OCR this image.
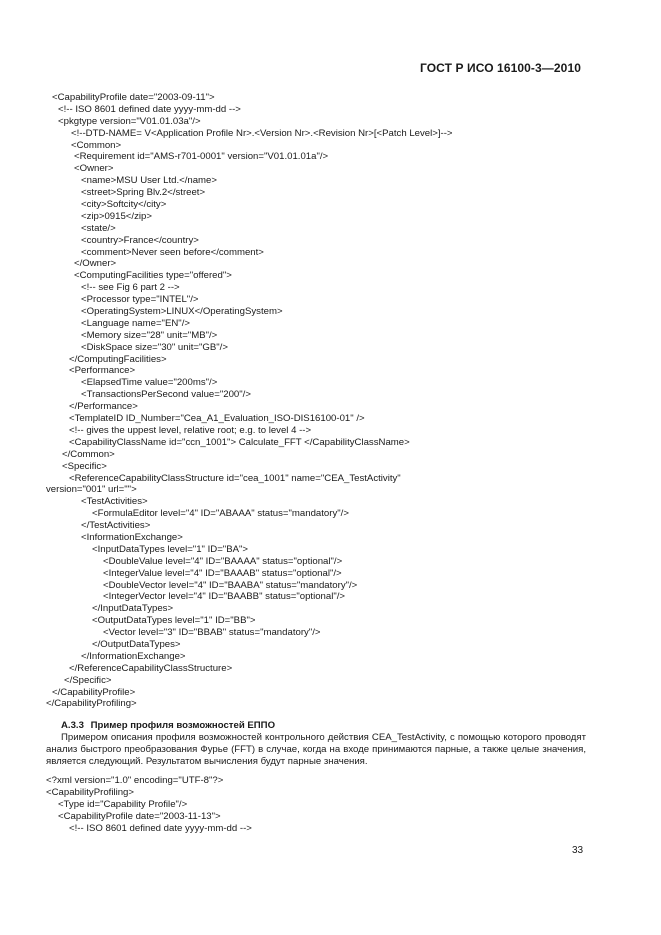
ГОСТ Р ИСО 16100-3—2010
<CapabilityProfile date="2003-09-11">
<!-- ISO 8601 defined date yyyy-mm-dd -->
<pkgtype version="V01.01.03a"/>
<!--DTD-NAME= V<Application Profile Nr>.<Version Nr>.<Revision Nr>[<Patch Level>]-->
<Common>
<Requirement id="AMS-r701-0001" version="V01.01.01a"/>
<Owner>
<name>MSU User Ltd.</name>
<street>Spring Blv.2</street>
<city>Softcity</city>
<zip>0915</zip>
<state/>
<country>France</country>
<comment>Never seen before</comment>
</Owner>
<ComputingFacilities type="offered">
<!-- see Fig 6 part 2 -->
<Processor type="INTEL"/>
<OperatingSystem>LINUX</OperatingSystem>
<Language name="EN"/>
<Memory size="28" unit="MB"/>
<DiskSpace size="30" unit="GB"/>
</ComputingFacilities>
<Performance>
<ElapsedTime value="200ms"/>
<TransactionsPerSecond value="200"/>
</Performance>
<TemplateID ID_Number="Cea_A1_Evaluation_ISO-DIS16100-01" />
<!-- gives the uppest level, relative root; e.g. to level 4 -->
<CapabilityClassName id="ccn_1001"> Calculate_FFT </CapabilityClassName>
</Common>
<Specific>
<ReferenceCapabilityClassStructure id="cea_1001" name="CEA_TestActivity"
version="001" url="">
<TestActivities>
<FormulaEditor level="4" ID="ABAAA" status="mandatory"/>
</TestActivities>
<InformationExchange>
<InputDataTypes level="1" ID="BA">
<DoubleValue level="4" ID="BAAAA" status="optional"/>
<IntegerValue level="4" ID="BAAAB" status="optional"/>
<DoubleVector level="4" ID="BAABA" status="mandatory"/>
<IntegerVector level="4" ID="BAABB" status="optional"/>
</InputDataTypes>
<OutputDataTypes level="1" ID="BB">
<Vector level="3" ID="BBAB" status="mandatory"/>
</OutputDataTypes>
</InformationExchange>
</ReferenceCapabilityClassStructure>
</Specific>
</CapabilityProfile>
</CapabilityProfiling>
А.3.3 Пример профиля возможностей ЕППО
Примером описания профиля возможностей контрольного действия CEA_TestActivity, с помощью которого проводят анализ быстрого преобразования Фурье (FFT) в случае, когда на входе принимаются парные, а также целые значения, является следующий. Результатом вычисления будут парные значения.
<?xml version="1.0" encoding="UTF-8"?>
<CapabilityProfiling>
<Type id="Capability Profile"/>
<CapabilityProfile date="2003-11-13">
<!-- ISO 8601 defined date yyyy-mm-dd -->
33
